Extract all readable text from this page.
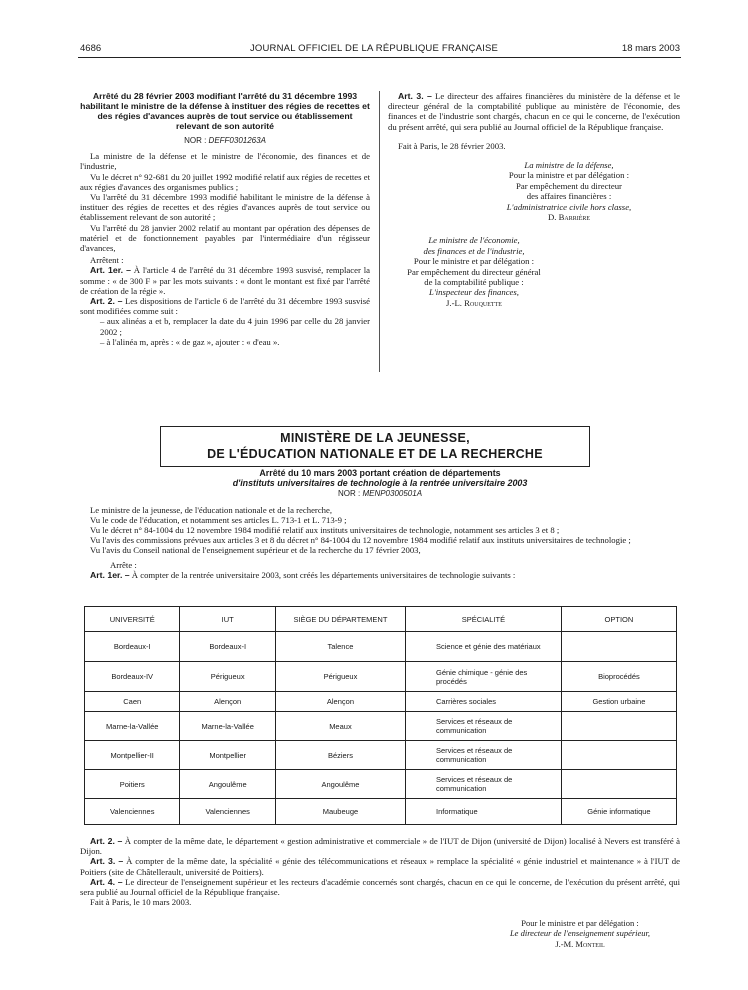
4686	JOURNAL OFFICIEL DE LA RÉPUBLIQUE FRANÇAISE	18 mars 2003

Arrêté du 28 février 2003 modifiant l'arrêté du 31 décembre 1993 habilitant le ministre de la défense à instituer des régies de recettes et des régies d'avances auprès de tout service ou établissement relevant de son autorité

NOR : DEFF0301263A

La ministre de la défense et le ministre de l'économie, des finances et de l'industrie,

Vu le décret n° 92-681 du 20 juillet 1992 modifié relatif aux régies de recettes et aux régies d'avances des organismes publics ;

Vu l'arrêté du 31 décembre 1993 modifié habilitant le ministre de la défense à instituer des régies de recettes et des régies d'avances auprès de tout service ou établissement relevant de son autorité ;

Vu l'arrêté du 28 janvier 2002 relatif au montant par opération des dépenses de matériel et de fonctionnement payables par l'intermédiaire d'un régisseur d'avances,

Arrêtent :

Art. 1er. – À l'article 4 de l'arrêté du 31 décembre 1993 susvisé, remplacer la somme : « de 300 F » par les mots suivants : « dont le montant est fixé par l'arrêté de création de la régie ».

Art. 2. – Les dispositions de l'article 6 de l'arrêté du 31 décembre 1993 susvisé sont modifiées comme suit :

– aux alinéas a et b, remplacer la date du 4 juin 1996 par celle du 28 janvier 2002 ;

– à l'alinéa m, après : « de gaz », ajouter : « d'eau ».

Art. 3. – Le directeur des affaires financières du ministère de la défense et le directeur général de la comptabilité publique au ministère de l'économie, des finances et de l'industrie sont chargés, chacun en ce qui le concerne, de l'exécution du présent arrêté, qui sera publié au Journal officiel de la République française.

Fait à Paris, le 28 février 2003.

La ministre de la défense,

Pour la ministre et par délégation :

Par empêchement du directeur

des affaires financières :

L'administratrice civile hors classe,

D. Barrière

Le ministre de l'économie,

des finances et de l'industrie,

Pour le ministre et par délégation :

Par empêchement du directeur général

de la comptabilité publique :

L'inspecteur des finances,

J.-L. Rouquette

MINISTÈRE DE LA JEUNESSE,
DE L'ÉDUCATION NATIONALE ET DE LA RECHERCHE

Arrêté du 10 mars 2003 portant création de départements
d'instituts universitaires de technologie à la rentrée universitaire 2003

NOR : MENP0300501A

Le ministre de la jeunesse, de l'éducation nationale et de la recherche,

Vu le code de l'éducation, et notamment ses articles L. 713-1 et L. 713-9 ;

Vu le décret n° 84-1004 du 12 novembre 1984 modifié relatif aux instituts universitaires de technologie, notamment ses articles 3 et 8 ;

Vu l'avis des commissions prévues aux articles 3 et 8 du décret n° 84-1004 du 12 novembre 1984 modifié relatif aux instituts universitaires de technologie ;

Vu l'avis du Conseil national de l'enseignement supérieur et de la recherche du 17 février 2003,

Arrête :

Art. 1er. – À compter de la rentrée universitaire 2003, sont créés les départements universitaires de technologie suivants :

UNIVERSITÉ	IUT	SIÈGE DU DÉPARTEMENT	SPÉCIALITÉ	OPTION
Bordeaux-I	Bordeaux-I	Talence	Science et génie des matériaux	
Bordeaux-IV	Périgueux	Périgueux	Génie chimique - génie des procédés	Bioprocédés
Caen	Alençon	Alençon	Carrières sociales	Gestion urbaine
Marne-la-Vallée	Marne-la-Vallée	Meaux	Services et réseaux de communication	
Montpellier-II	Montpellier	Béziers	Services et réseaux de communication	
Poitiers	Angoulême	Angoulême	Services et réseaux de communication	
Valenciennes	Valenciennes	Maubeuge	Informatique	Génie informatique

Art. 2. – À compter de la même date, le département « gestion administrative et commerciale » de l'IUT de Dijon (université de Dijon) localisé à Nevers est transféré à Dijon.

Art. 3. – À compter de la même date, la spécialité « génie des télécommunications et réseaux » remplace la spécialité « génie industriel et maintenance » à l'IUT de Poitiers (site de Châtellerault, université de Poitiers).

Art. 4. – Le directeur de l'enseignement supérieur et les recteurs d'académie concernés sont chargés, chacun en ce qui le concerne, de l'exécution du présent arrêté, qui sera publié au Journal officiel de la République française.

Fait à Paris, le 10 mars 2003.

Pour le ministre et par délégation :

Le directeur de l'enseignement supérieur,

J.-M. Monteil
